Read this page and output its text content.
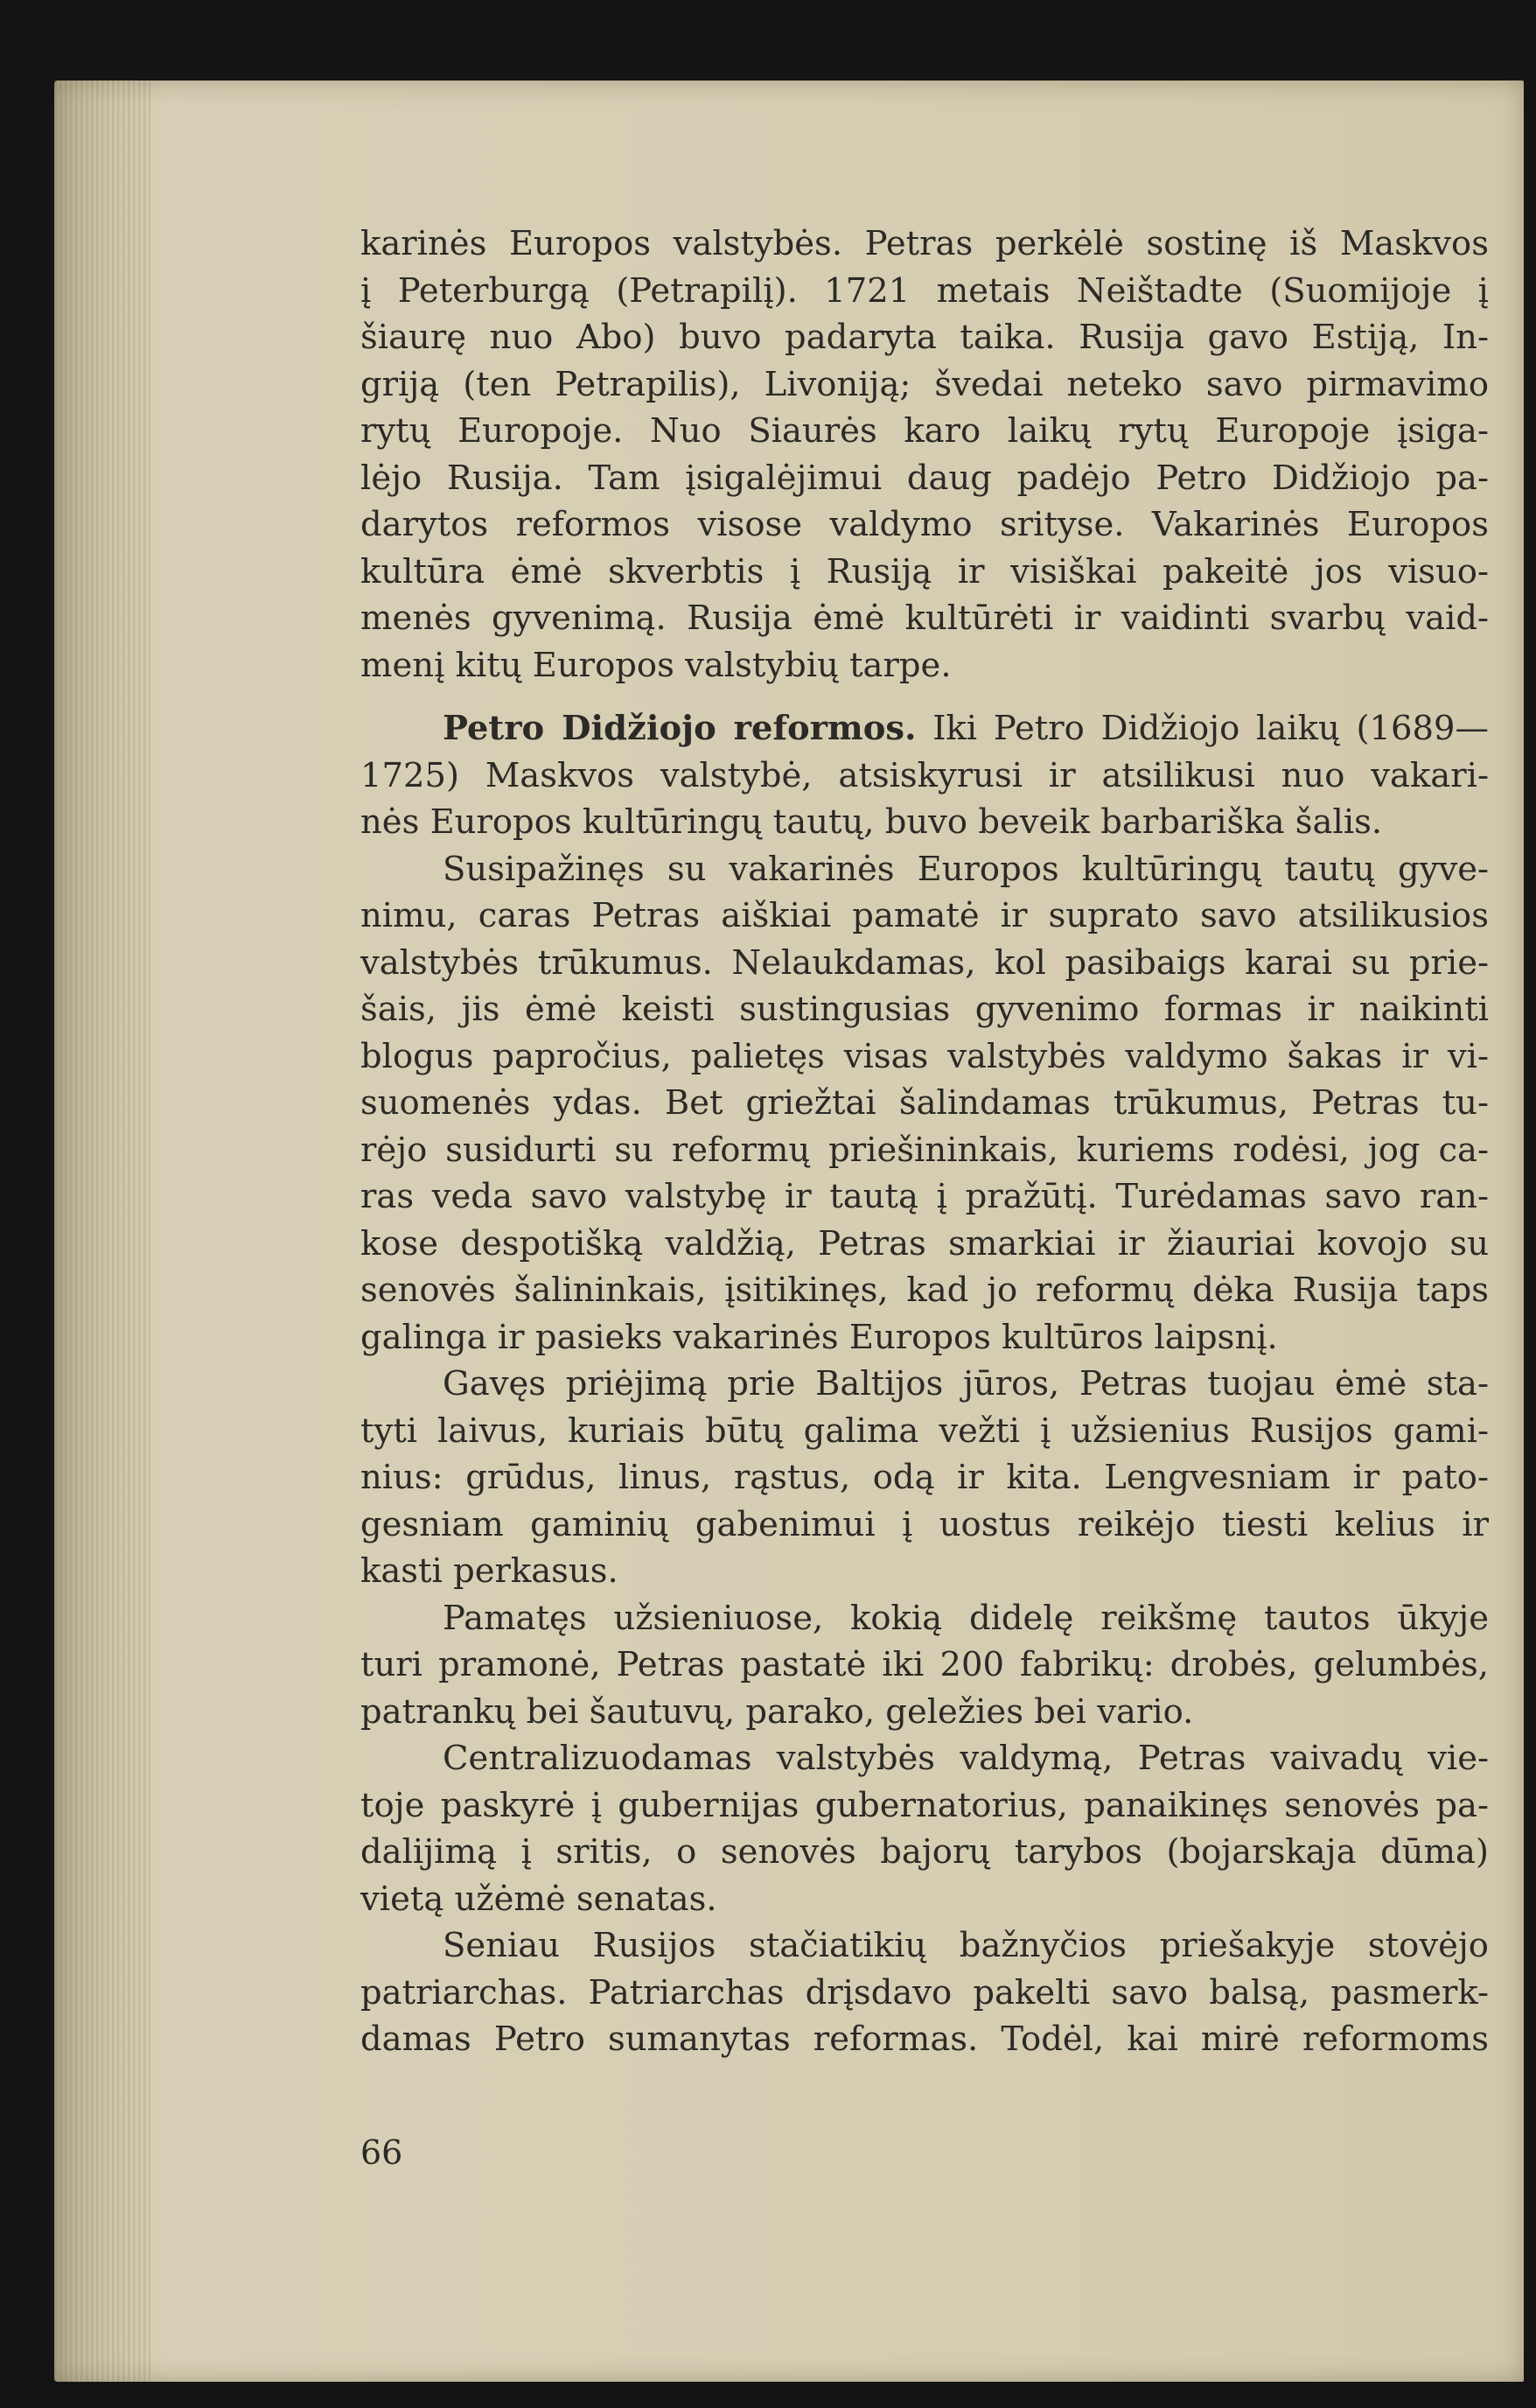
karinės Europos valstybės. Petras perkėlė sostinę iš Maskvos
į Peterburgą (Petrapilį). 1721 metais Neištadte (Suomijoje į
šiaurę nuo Abo) buvo padaryta taika. Rusija gavo Estiją, In-
griją (ten Petrapilis), Livoniją; švedai neteko savo pirmavimo
rytų Europoje. Nuo Siaurės karo laikų rytų Europoje įsiga-
lėjo Rusija. Tam įsigalėjimui daug padėjo Petro Didžiojo pa-
darytos reformos visose valdymo srityse. Vakarinės Europos
kultūra ėmė skverbtis į Rusiją ir visiškai pakeitė jos visuo-
menės gyvenimą. Rusija ėmė kultūrėti ir vaidinti svarbų vaid-
menį kitų Europos valstybių tarpe.
Petro Didžiojo reformos. Iki Petro Didžiojo laikų (1689—
1725) Maskvos valstybė, atsiskyrusi ir atsilikusi nuo vakari-
nės Europos kultūringų tautų, buvo beveik barbariška šalis.
Susipažinęs su vakarinės Europos kultūringų tautų gyve-
nimu, caras Petras aiškiai pamatė ir suprato savo atsilikusios
valstybės trūkumus. Nelaukdamas, kol pasibaigs karai su prie-
šais, jis ėmė keisti sustingusias gyvenimo formas ir naikinti
blogus papročius, palietęs visas valstybės valdymo šakas ir vi-
suomenės ydas. Bet griežtai šalindamas trūkumus, Petras tu-
rėjo susidurti su reformų priešininkais, kuriems rodėsi, jog ca-
ras veda savo valstybę ir tautą į pražūtį. Turėdamas savo ran-
kose despotišką valdžią, Petras smarkiai ir žiauriai kovojo su
senovės šalininkais, įsitikinęs, kad jo reformų dėka Rusija taps
galinga ir pasieks vakarinės Europos kultūros laipsnį.
Gavęs priėjimą prie Baltijos jūros, Petras tuojau ėmė sta-
tyti laivus, kuriais būtų galima vežti į užsienius Rusijos gami-
nius: grūdus, linus, rąstus, odą ir kita. Lengvesniam ir pato-
gesniam gaminių gabenimui į uostus reikėjo tiesti kelius ir
kasti perkasus.
Pamatęs užsieniuose, kokią didelę reikšmę tautos ūkyje
turi pramonė, Petras pastatė iki 200 fabrikų: drobės, gelumbės,
patrankų bei šautuvų, parako, geležies bei vario.
Centralizuodamas valstybės valdymą, Petras vaivadų vie-
toje paskyrė į gubernijas gubernatorius, panaikinęs senovės pa-
dalijimą į sritis, o senovės bajorų tarybos (bojarskaja dūma)
vietą užėmė senatas.
Seniau Rusijos stačiatikių bažnyčios priešakyje stovėjo
patriarchas. Patriarchas drįsdavo pakelti savo balsą, pasmerk-
damas Petro sumanytas reformas. Todėl, kai mirė reformoms
66
